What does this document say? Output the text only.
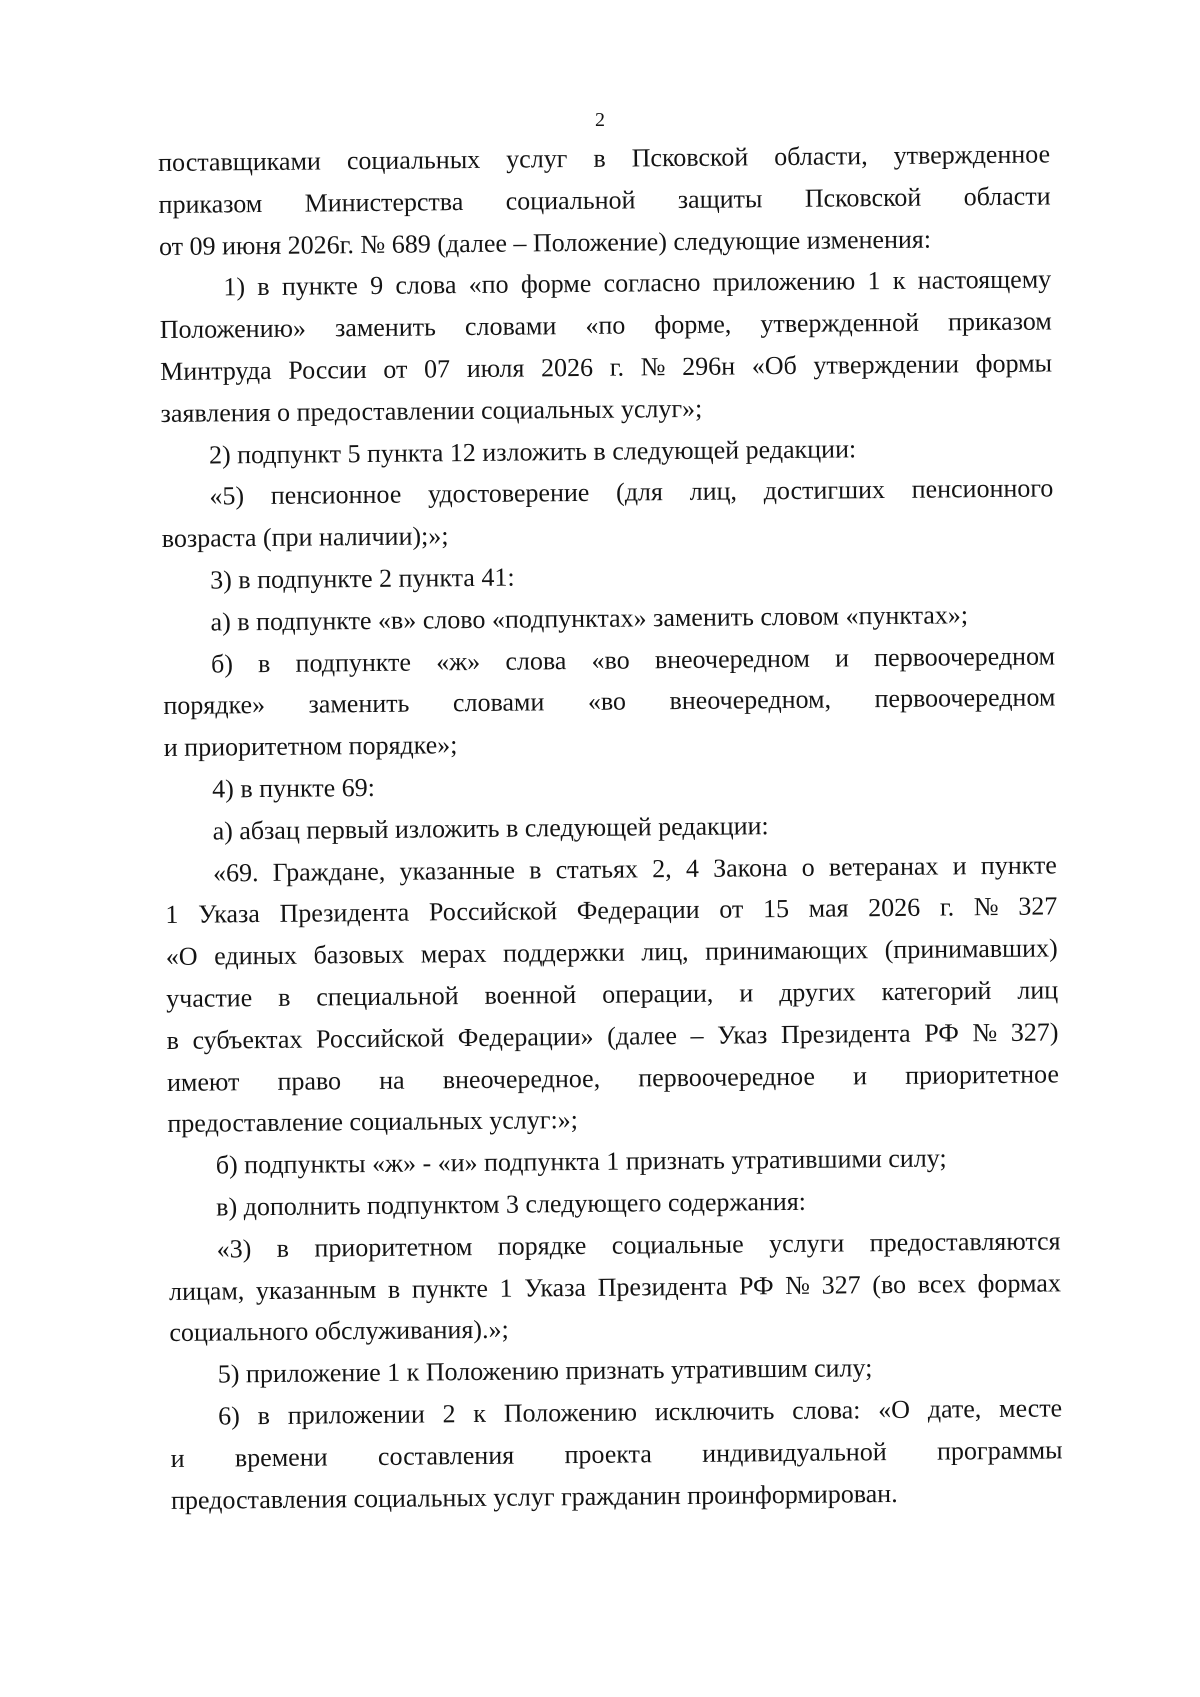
2
поставщиками социальных услуг в Псковской области, утвержденное
приказом Министерства социальной защиты Псковской области
от 09 июня 2026г. № 689 (далее – Положение) следующие изменения:
1) в пункте 9 слова «по форме согласно приложению 1 к настоящему
Положению» заменить словами «по форме, утвержденной приказом
Минтруда России от 07 июля 2026 г. № 296н «Об утверждении формы
заявления о предоставлении социальных услуг»;
2) подпункт 5 пункта 12 изложить в следующей редакции:
«5) пенсионное удостоверение (для лиц, достигших пенсионного
возраста (при наличии);»;
3) в подпункте 2 пункта 41:
а) в подпункте «в» слово «подпунктах» заменить словом «пунктах»;
б) в подпункте «ж» слова «во внеочередном и первоочередном
порядке» заменить словами «во внеочередном, первоочередном
и приоритетном порядке»;
4) в пункте 69:
а) абзац первый изложить в следующей редакции:
«69. Граждане, указанные в статьях 2, 4 Закона о ветеранах и пункте
1 Указа Президента Российской Федерации от 15 мая 2026 г. № 327
«О единых базовых мерах поддержки лиц, принимающих (принимавших)
участие в специальной военной операции, и других категорий лиц
в субъектах Российской Федерации» (далее – Указ Президента РФ № 327)
имеют право на внеочередное, первоочередное и приоритетное
предоставление социальных услуг:»;
б) подпункты «ж» - «и» подпункта 1 признать утратившими силу;
в) дополнить подпунктом 3 следующего содержания:
«3) в приоритетном порядке социальные услуги предоставляются
лицам, указанным в пункте 1 Указа Президента РФ № 327 (во всех формах
социального обслуживания).»;
5) приложение 1 к Положению признать утратившим силу;
6) в приложении 2 к Положению исключить слова: «О дате, месте
и времени составления проекта индивидуальной программы
предоставления социальных услуг гражданин проинформирован.
